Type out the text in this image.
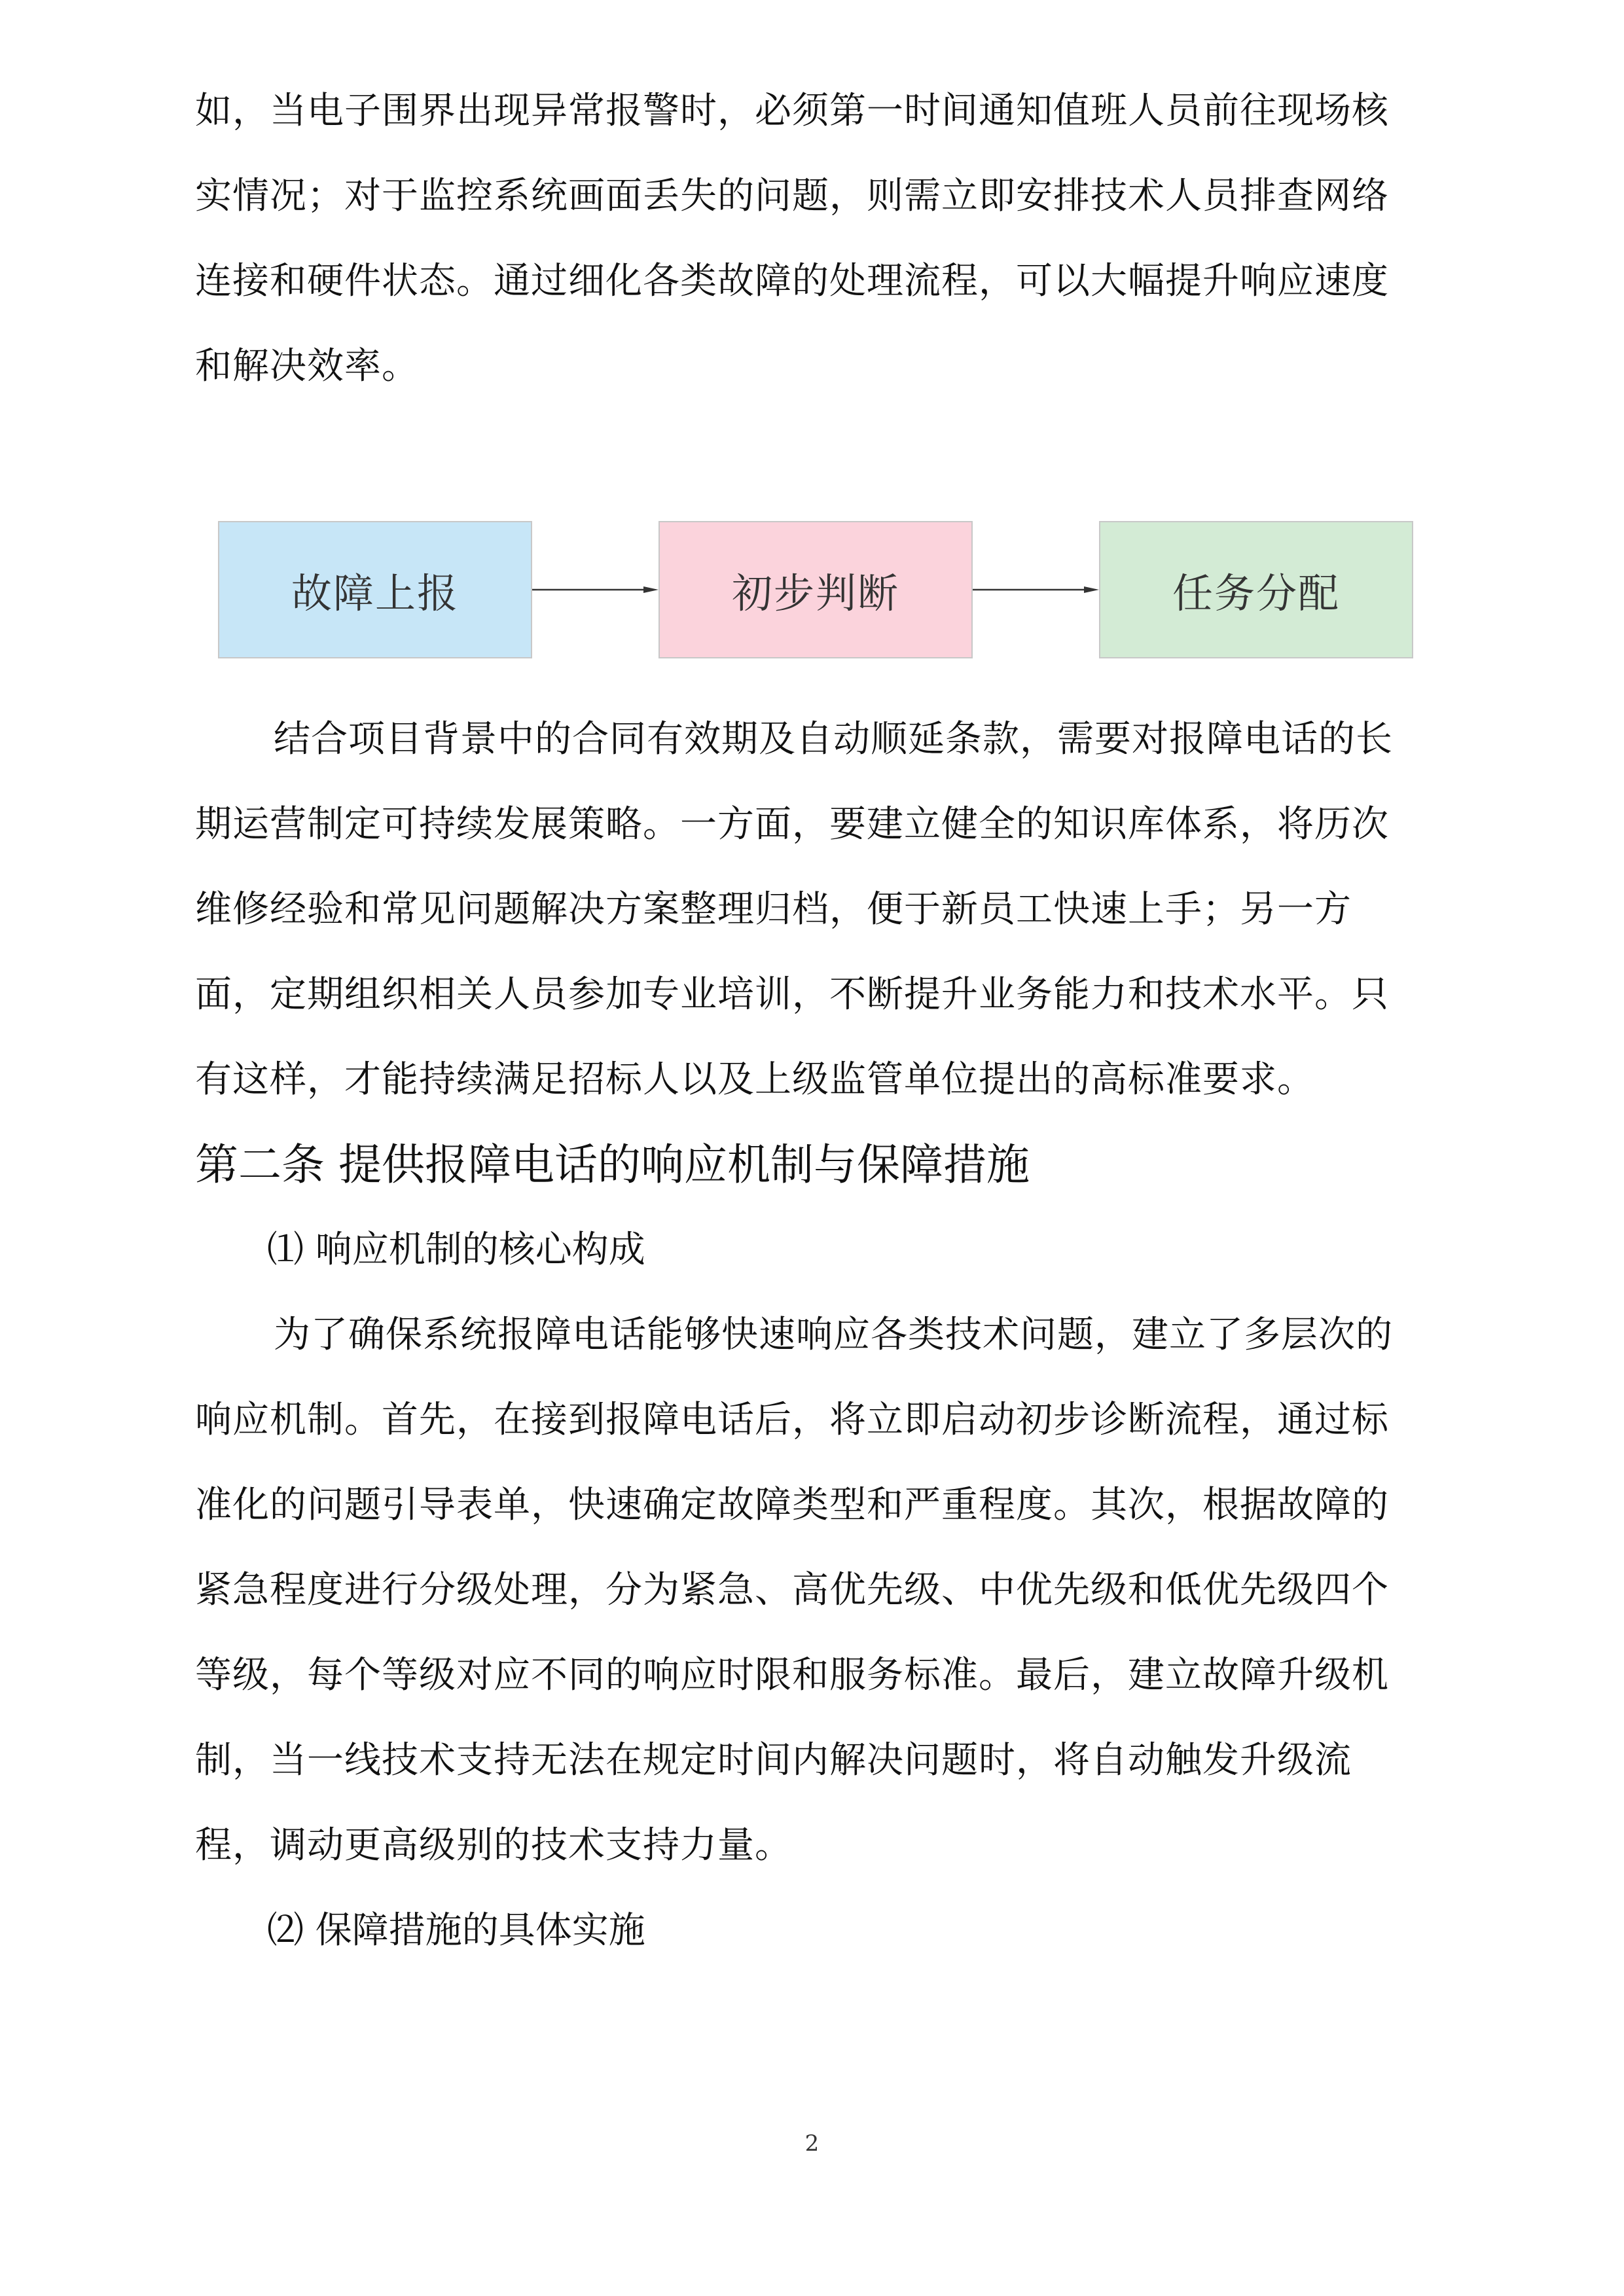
如，当电子围界出现异常报警时，必须第一时间通知值班人员前往现场核

实情况；对于监控系统画面丢失的问题，则需立即安排技术人员排查网络

连接和硬件状态。通过细化各类故障的处理流程，可以大幅提升响应速度

和解决效率。

故障上报	初步判断	任务分配

结合项目背景中的合同有效期及自动顺延条款，需要对报障电话的长

期运营制定可持续发展策略。一方面，要建立健全的知识库体系，将历次

维修经验和常见问题解决方案整理归档，便于新员工快速上手；另一方

面，定期组织相关人员参加专业培训，不断提升业务能力和技术水平。只

有这样，才能持续满足招标人以及上级监管单位提出的高标准要求。

第二条 提供报障电话的响应机制与保障措施

⑴ 响应机制的核心构成

为了确保系统报障电话能够快速响应各类技术问题，建立了多层次的

响应机制。首先，在接到报障电话后，将立即启动初步诊断流程，通过标

准化的问题引导表单，快速确定故障类型和严重程度。其次，根据故障的

紧急程度进行分级处理，分为紧急、高优先级、中优先级和低优先级四个

等级，每个等级对应不同的响应时限和服务标准。最后，建立故障升级机

制，当一线技术支持无法在规定时间内解决问题时，将自动触发升级流

程，调动更高级别的技术支持力量。

⑵ 保障措施的具体实施

2
